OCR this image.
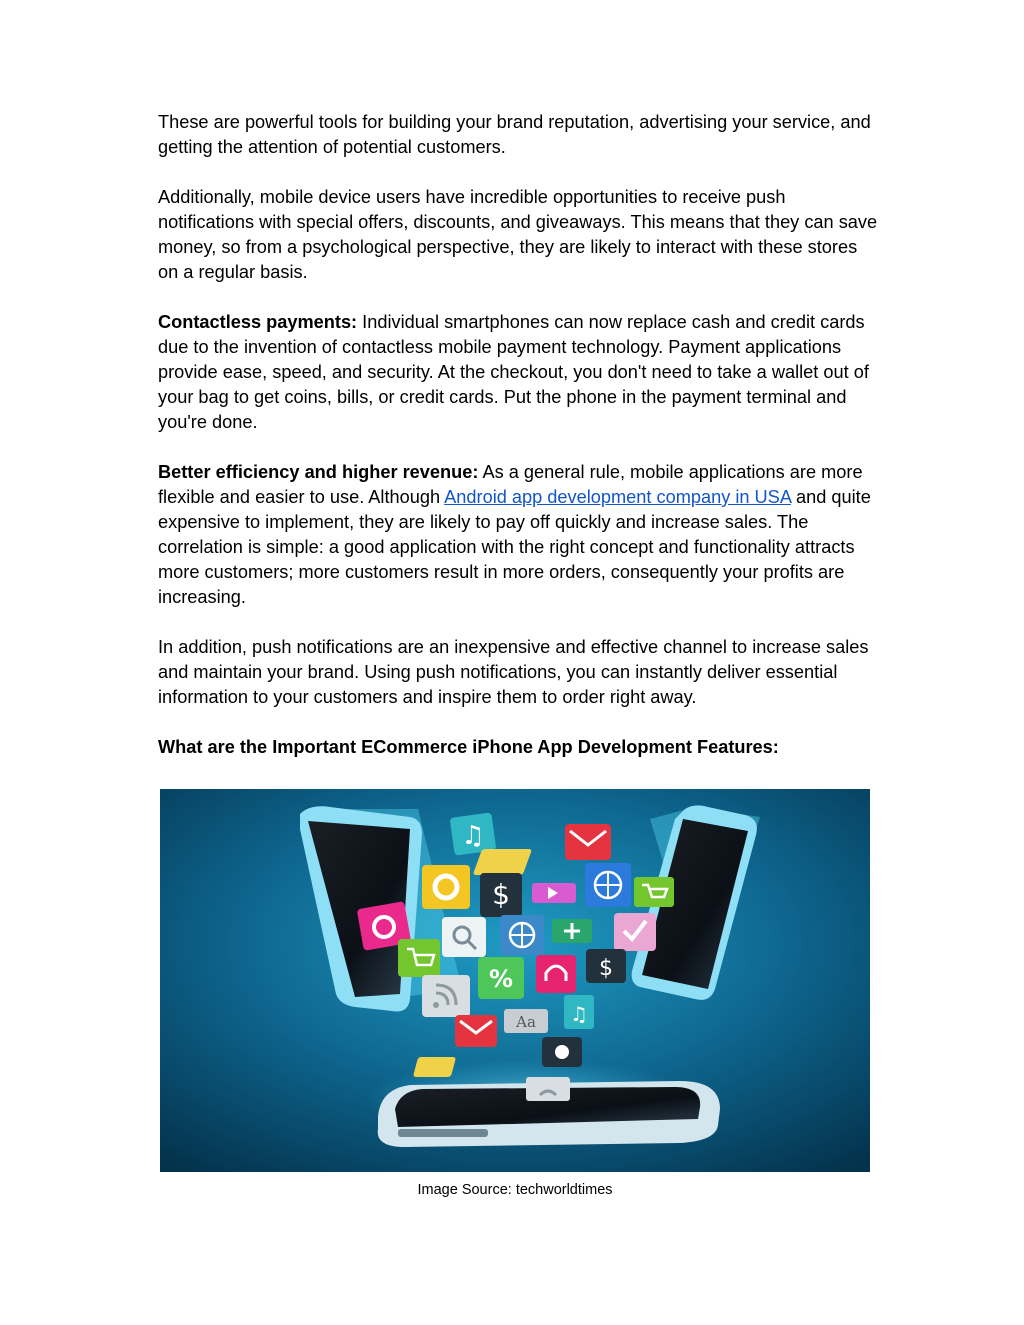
These are powerful tools for building your brand reputation, advertising your service, and getting the attention of potential customers.

Additionally, mobile device users have incredible opportunities to receive push notifications with special offers, discounts, and giveaways. This means that they can save money, so from a psychological perspective, they are likely to interact with these stores on a regular basis.

Contactless payments: Individual smartphones can now replace cash and credit cards due to the invention of contactless mobile payment technology. Payment applications provide ease, speed, and security. At the checkout, you don't need to take a wallet out of your bag to get coins, bills, or credit cards. Put the phone in the payment terminal and you're done.

Better efficiency and higher revenue: As a general rule, mobile applications are more flexible and easier to use. Although Android app development company in USA and quite expensive to implement, they are likely to pay off quickly and increase sales. The correlation is simple: a good application with the right concept and functionality attracts more customers; more customers result in more orders, consequently your profits are increasing.

In addition, push notifications are an inexpensive and effective channel to increase sales and maintain your brand. Using push notifications, you can instantly deliver essential information to your customers and inspire them to order right away.

What are the Important ECommerce iPhone App Development Features:

♫
$
%	$
♫
Aa
Image Source: techworldtimes
